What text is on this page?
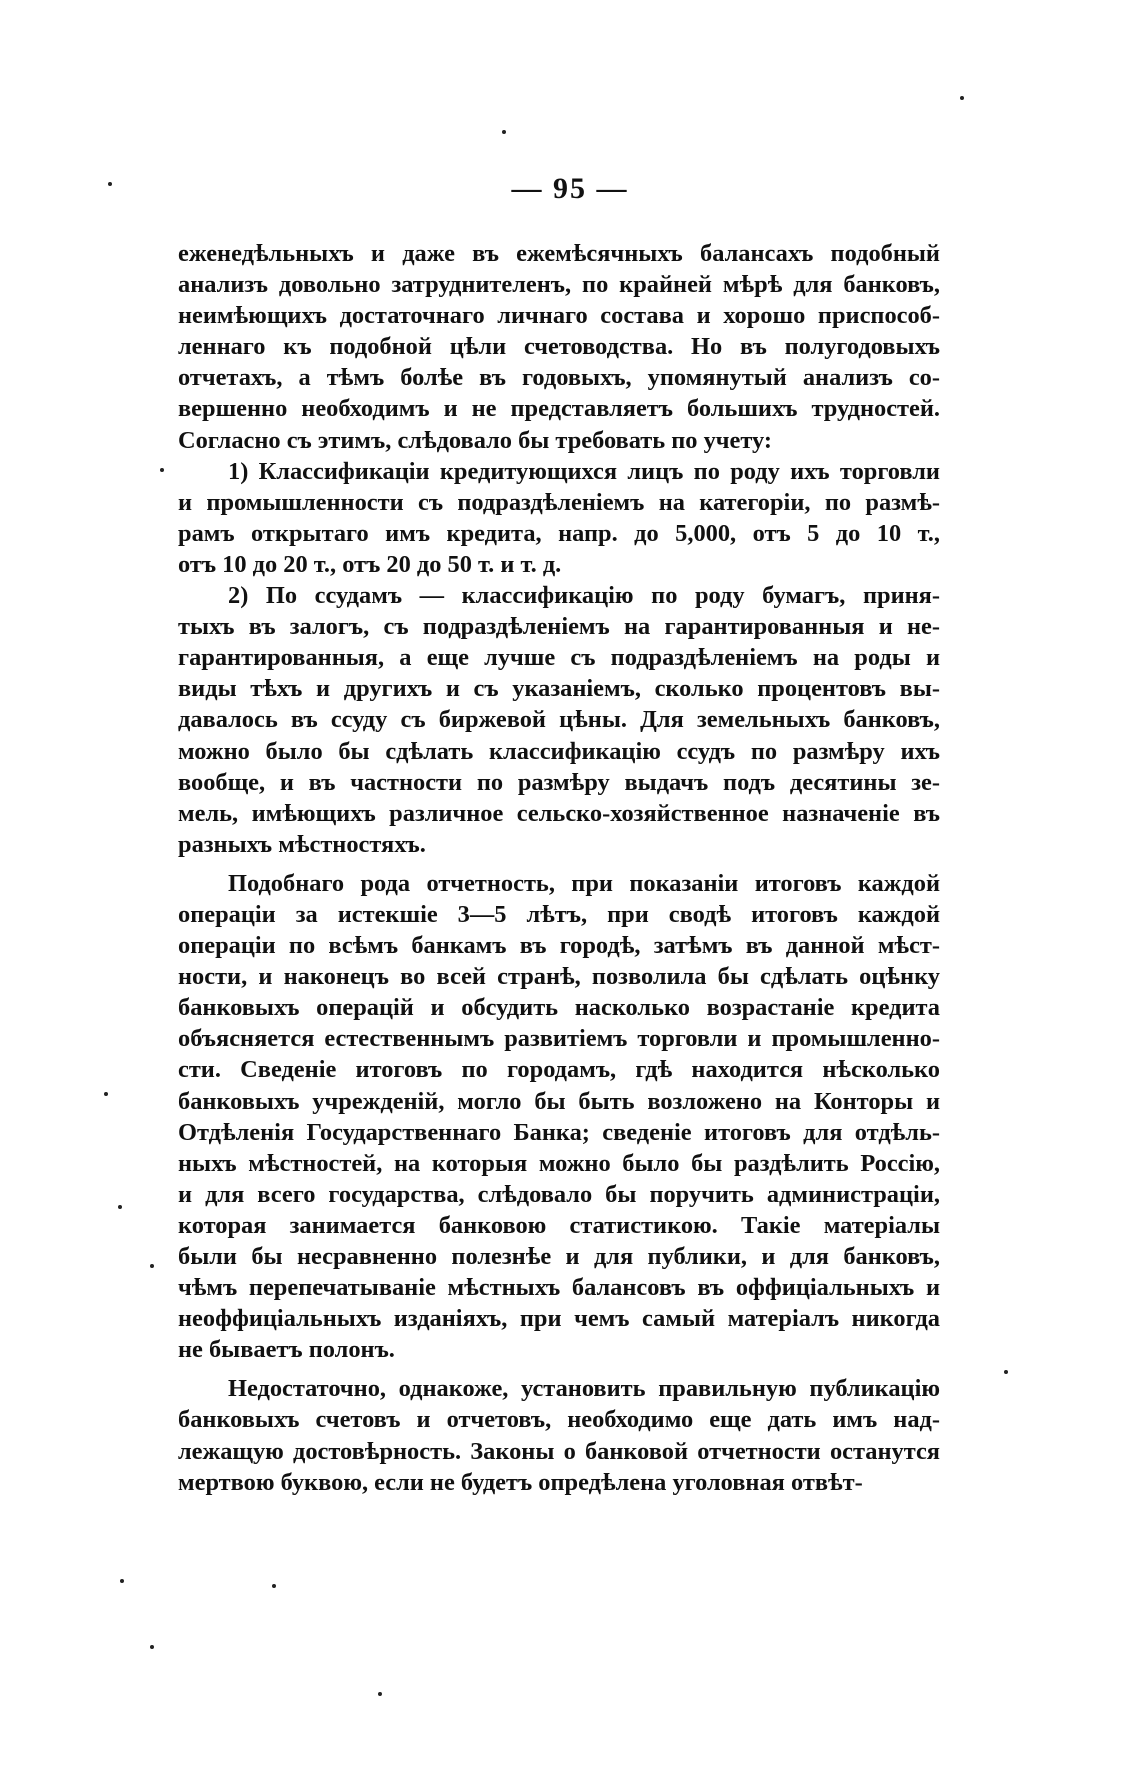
— 95 —
еженедѣльныхъ и даже въ ежемѣсячныхъ балансахъ подобный
анализъ довольно затруднителенъ, по крайней мѣрѣ для банковъ,
неимѣющихъ достаточнаго личнаго состава и хорошо приспособ-
леннаго къ подобной цѣли счетоводства. Но въ полугодовыхъ
отчетахъ, а тѣмъ болѣе въ годовыхъ, упомянутый анализъ со-
вершенно необходимъ и не представляетъ большихъ трудностей.
Согласно съ этимъ, слѣдовало бы требовать по учету:
1) Классификаціи кредитующихся лицъ по роду ихъ торговли
и промышленности съ подраздѣленіемъ на категоріи, по размѣ-
рамъ открытаго имъ кредита, напр. до 5,000, отъ 5 до 10 т.,
отъ 10 до 20 т., отъ 20 до 50 т. и т. д.
2) По ссудамъ — классификацію по роду бумагъ, приня-
тыхъ въ залогъ, съ подраздѣленіемъ на гарантированныя и не-
гарантированныя, а еще лучше съ подраздѣленіемъ на роды и
виды тѣхъ и другихъ и съ указаніемъ, сколько процентовъ вы-
давалось въ ссуду съ биржевой цѣны. Для земельныхъ банковъ,
можно было бы сдѣлать классификацію ссудъ по размѣру ихъ
вообще, и въ частности по размѣру выдачъ подъ десятины зе-
мель, имѣющихъ различное сельско-хозяйственное назначеніе въ
разныхъ мѣстностяхъ.
Подобнаго рода отчетность, при показаніи итоговъ каждой
операціи за истекшіе 3—5 лѣтъ, при сводѣ итоговъ каждой
операціи по всѣмъ банкамъ въ городѣ, затѣмъ въ данной мѣст-
ности, и наконецъ во всей странѣ, позволила бы сдѣлать оцѣнку
банковыхъ операцій и обсудить насколько возрастаніе кредита
объясняется естественнымъ развитіемъ торговли и промышленно-
сти. Сведеніе итоговъ по городамъ, гдѣ находится нѣсколько
банковыхъ учрежденій, могло бы быть возложено на Конторы и
Отдѣленія Государственнаго Банка; сведеніе итоговъ для отдѣль-
ныхъ мѣстностей, на которыя можно было бы раздѣлить Россію,
и для всего государства, слѣдовало бы поручить администраціи,
которая занимается банковою статистикою. Такіе матеріалы
были бы несравненно полезнѣе и для публики, и для банковъ,
чѣмъ перепечатываніе мѣстныхъ балансовъ въ оффиціальныхъ и
неоффиціальныхъ изданіяхъ, при чемъ самый матеріалъ никогда
не бываетъ полонъ.
Недостаточно, однакоже, установить правильную публикацію
банковыхъ счетовъ и отчетовъ, необходимо еще дать имъ над-
лежащую достовѣрность. Законы о банковой отчетности останутся
мертвою буквою, если не будетъ опредѣлена уголовная отвѣт-
